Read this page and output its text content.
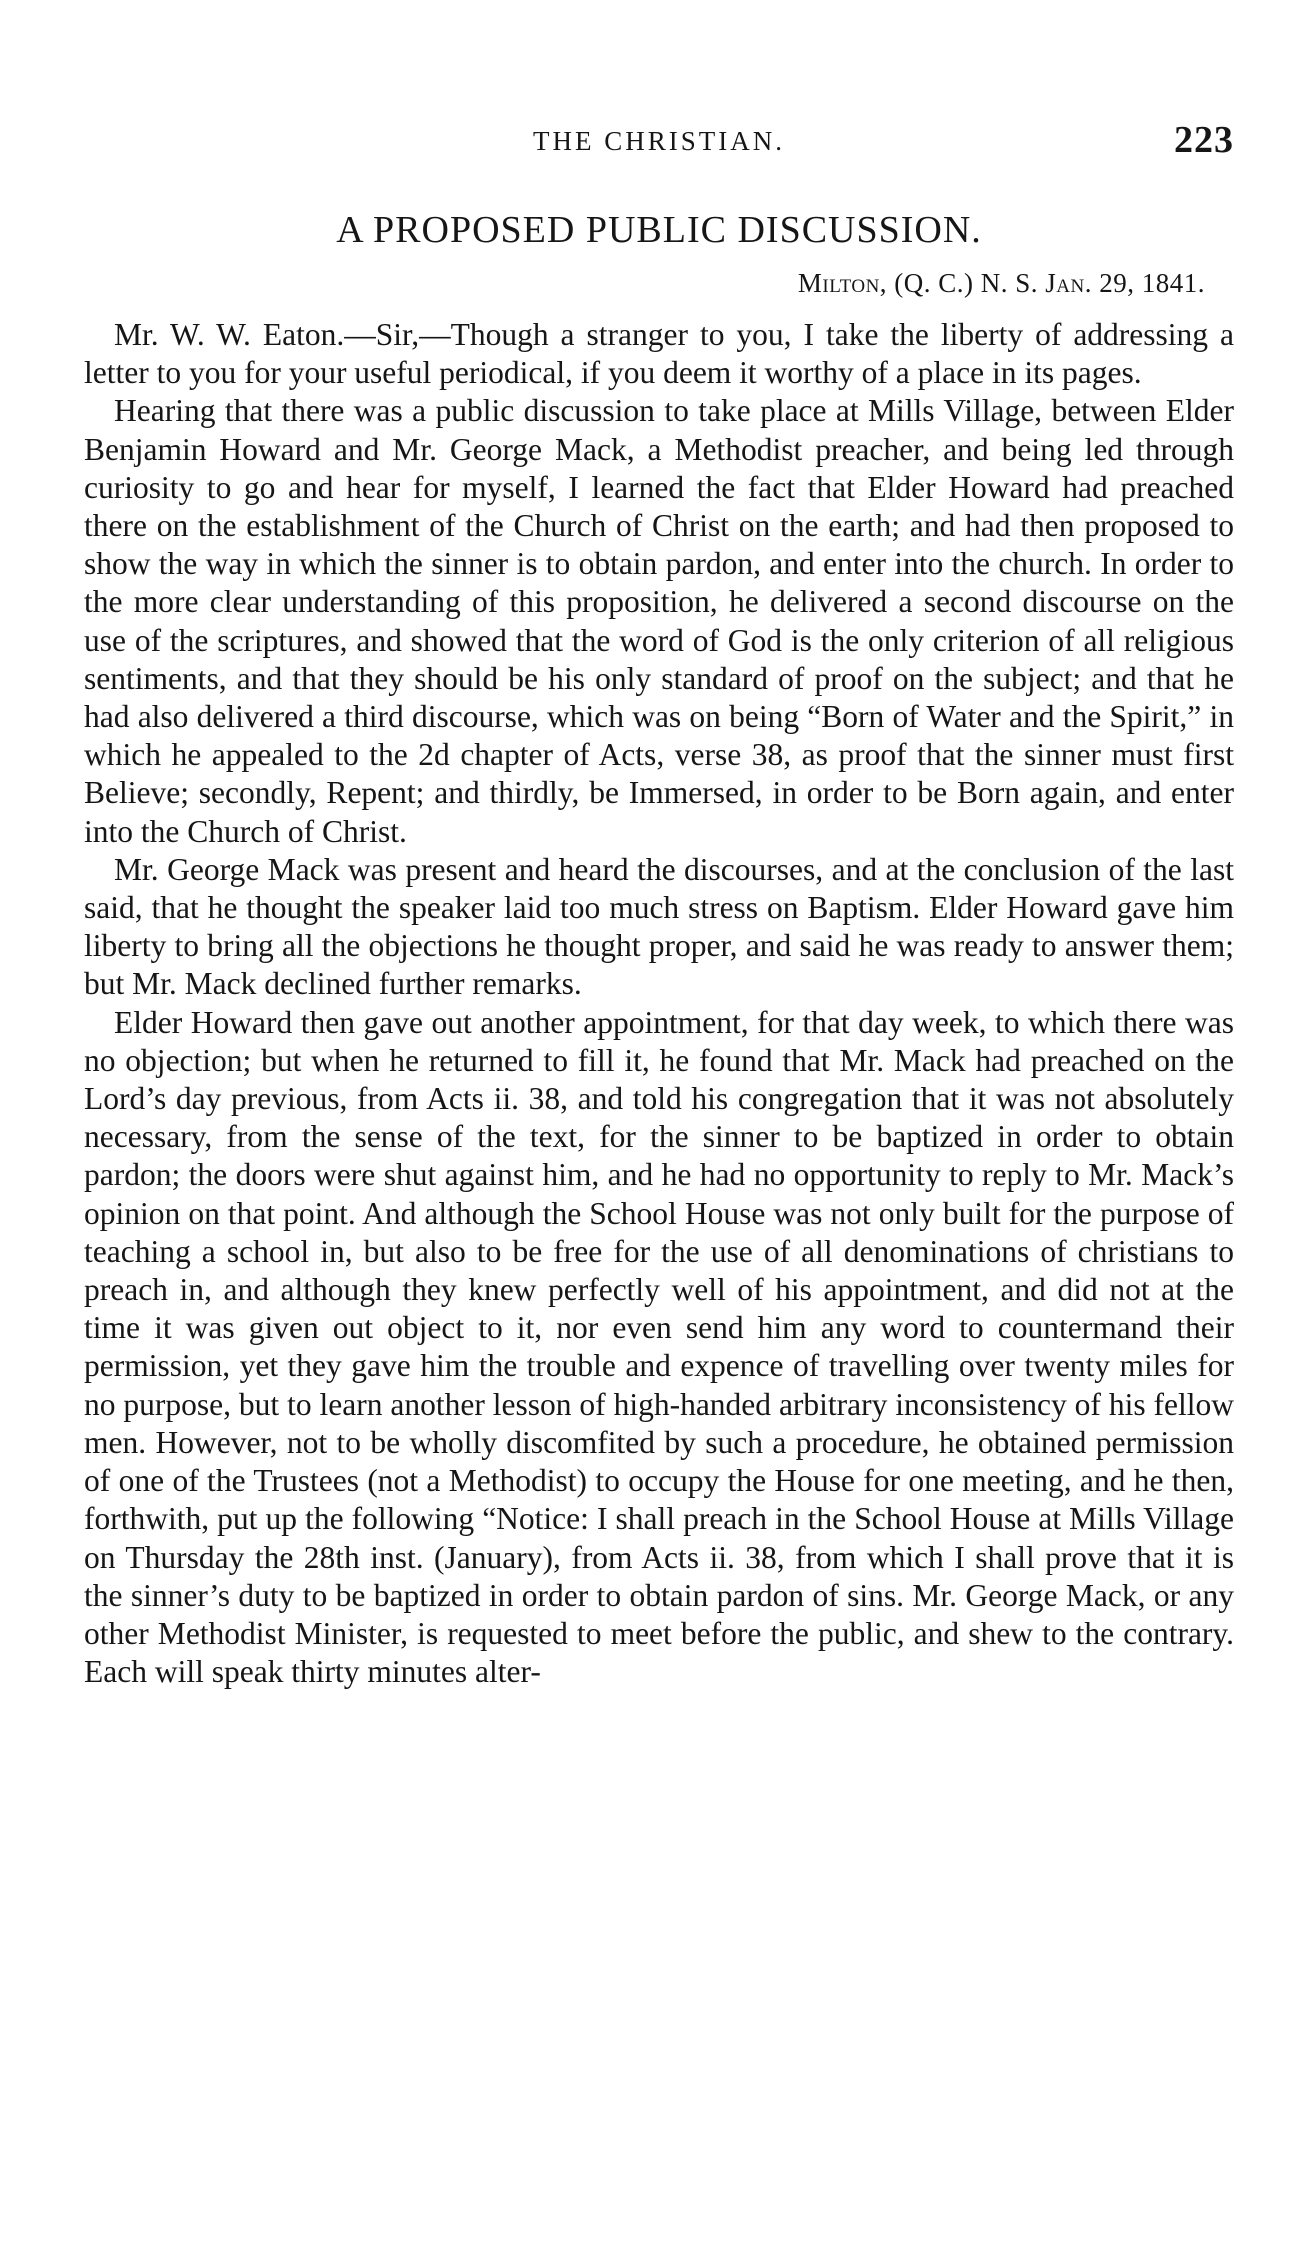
THE CHRISTIAN.	223
A PROPOSED PUBLIC DISCUSSION.
Milton, (Q. C.) N. S. Jan. 29, 1841.

Mr. W. W. Eaton.—Sir,—Though a stranger to you, I take the liberty of addressing a letter to you for your useful periodical, if you deem it worthy of a place in its pages.

Hearing that there was a public discussion to take place at Mills Village, between Elder Benjamin Howard and Mr. George Mack, a Methodist preacher, and being led through curiosity to go and hear for myself, I learned the fact that Elder Howard had preached there on the establishment of the Church of Christ on the earth; and had then proposed to show the way in which the sinner is to obtain pardon, and enter into the church. In order to the more clear understanding of this proposition, he delivered a second discourse on the use of the scriptures, and showed that the word of God is the only criterion of all religious sentiments, and that they should be his only standard of proof on the subject; and that he had also delivered a third discourse, which was on being “Born of Water and the Spirit,” in which he appealed to the 2d chapter of Acts, verse 38, as proof that the sinner must first Believe; secondly, Repent; and thirdly, be Immersed, in order to be Born again, and enter into the Church of Christ.

Mr. George Mack was present and heard the discourses, and at the conclusion of the last said, that he thought the speaker laid too much stress on Baptism. Elder Howard gave him liberty to bring all the objections he thought proper, and said he was ready to answer them; but Mr. Mack declined further remarks.

Elder Howard then gave out another appointment, for that day week, to which there was no objection; but when he returned to fill it, he found that Mr. Mack had preached on the Lord’s day previous, from Acts ii. 38, and told his congregation that it was not absolutely necessary, from the sense of the text, for the sinner to be baptized in order to obtain pardon; the doors were shut against him, and he had no opportunity to reply to Mr. Mack’s opinion on that point. And although the School House was not only built for the purpose of teaching a school in, but also to be free for the use of all denominations of christians to preach in, and although they knew perfectly well of his appointment, and did not at the time it was given out object to it, nor even send him any word to countermand their permission, yet they gave him the trouble and expence of travelling over twenty miles for no purpose, but to learn another lesson of high-handed arbitrary inconsistency of his fellow men. However, not to be wholly discomfited by such a procedure, he obtained permission of one of the Trustees (not a Methodist) to occupy the House for one meeting, and he then, forthwith, put up the following “Notice: I shall preach in the School House at Mills Village on Thursday the 28th inst. (January), from Acts ii. 38, from which I shall prove that it is the sinner’s duty to be baptized in order to obtain pardon of sins. Mr. George Mack, or any other Methodist Minister, is requested to meet before the public, and shew to the contrary. Each will speak thirty minutes alter-
